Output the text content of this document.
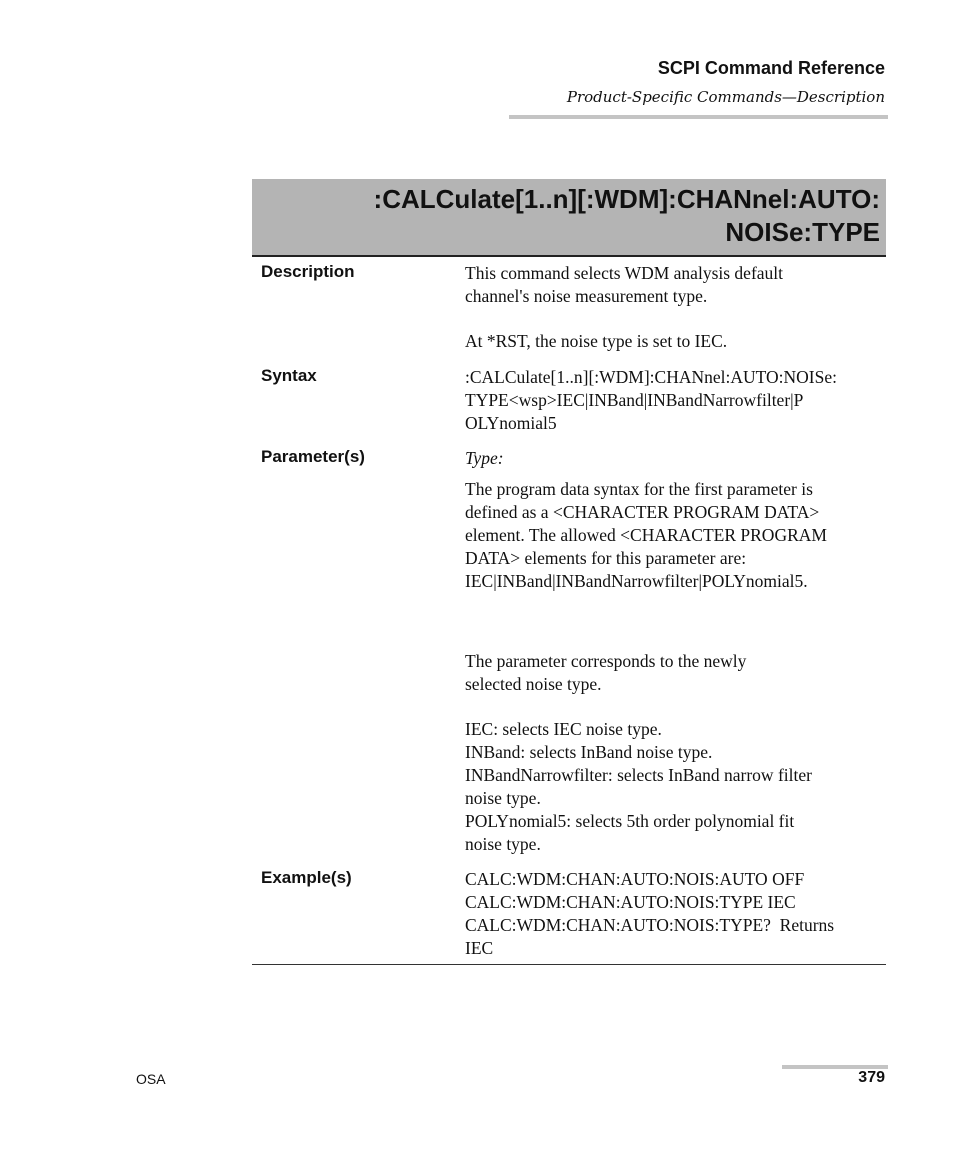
SCPI Command Reference
Product-Specific Commands—Description
:CALCulate[1..n][:WDM]:CHANnel:AUTO:
NOISe:TYPE
Description	This command selects WDM analysis default

channel's noise measurement type.

At *RST, the noise type is set to IEC.

Syntax	:CALCulate[1..n][:WDM]:CHANnel:AUTO:NOISe:

TYPE<wsp>IEC|INBand|INBandNarrowfilter|P

OLYnomial5

Parameter(s)	Type:

The program data syntax for the first parameter is

defined as a <CHARACTER PROGRAM DATA>

element. The allowed <CHARACTER PROGRAM

DATA> elements for this parameter are:

IEC|INBand|INBandNarrowfilter|POLYnomial5.

The parameter corresponds to the newly

selected noise type.

IEC: selects IEC noise type.

INBand: selects InBand noise type.

INBandNarrowfilter: selects InBand narrow filter

noise type.

POLYnomial5: selects 5th order polynomial fit

noise type.

Example(s)	CALC:WDM:CHAN:AUTO:NOIS:AUTO OFF

CALC:WDM:CHAN:AUTO:NOIS:TYPE IEC

CALC:WDM:CHAN:AUTO:NOIS:TYPE?  Returns

IEC

OSA	379
